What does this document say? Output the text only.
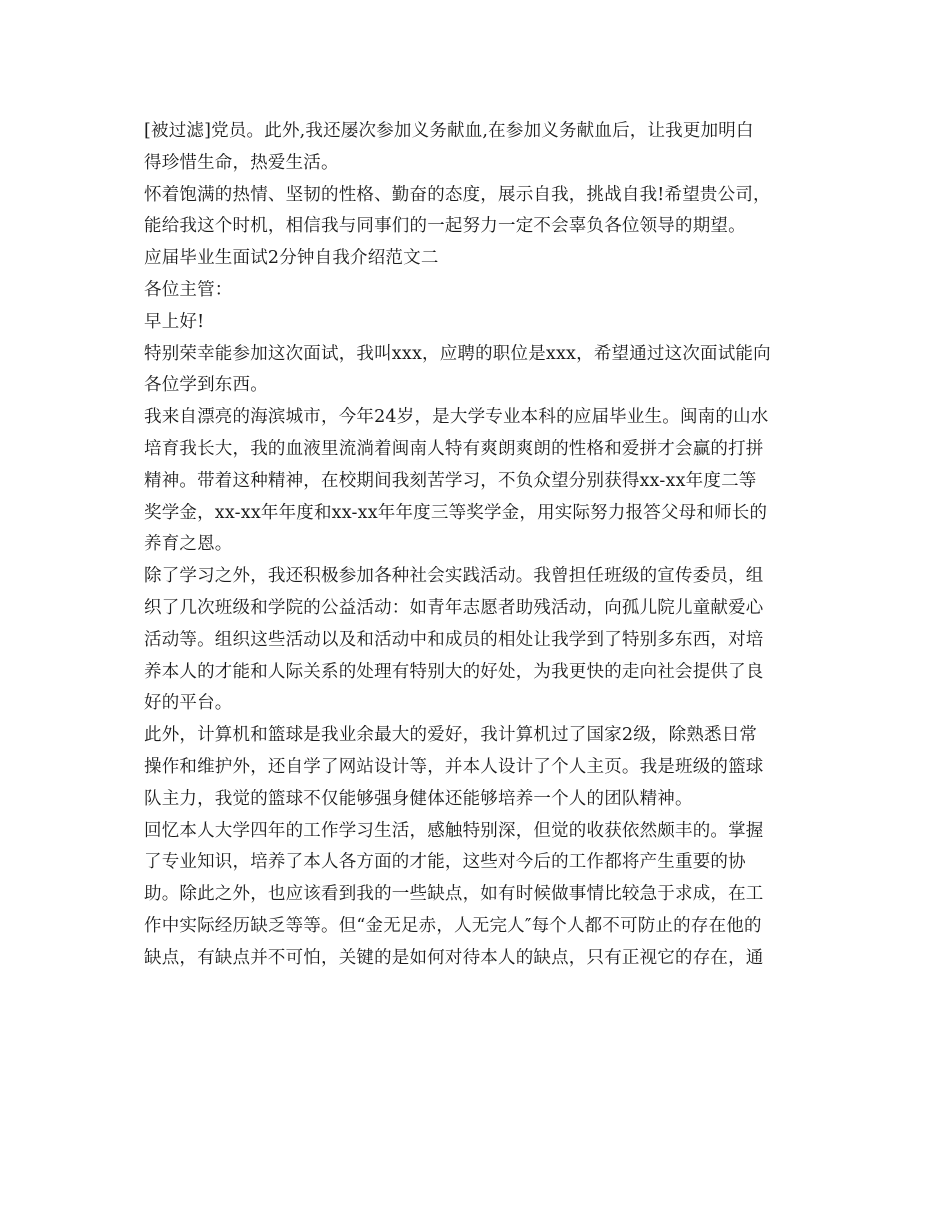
[被过滤]党员。此外,我还屡次参加义务献血,在参加义务献血后，让我更加明白
得珍惜生命，热爱生活。
怀着饱满的热情、坚韧的性格、勤奋的态度，展示自我，挑战自我!希望贵公司，
能给我这个时机，相信我与同事们的一起努力一定不会辜负各位领导的期望。
应届毕业生面试2分钟自我介绍范文二
各位主管：
早上好!
特别荣幸能参加这次面试，我叫xxx，应聘的职位是xxx，希望通过这次面试能向
各位学到东西。
我来自漂亮的海滨城市，今年24岁，是大学专业本科的应届毕业生。闽南的山水
培育我长大，我的血液里流淌着闽南人特有爽朗爽朗的性格和爱拼才会赢的打拼
精神。带着这种精神，在校期间我刻苦学习，不负众望分别获得xx-xx年度二等
奖学金，xx-xx年年度和xx-xx年年度三等奖学金，用实际努力报答父母和师长的
养育之恩。
除了学习之外，我还积极参加各种社会实践活动。我曾担任班级的宣传委员，组
织了几次班级和学院的公益活动：如青年志愿者助残活动，向孤儿院儿童献爱心
活动等。组织这些活动以及和活动中和成员的相处让我学到了特别多东西，对培
养本人的才能和人际关系的处理有特别大的好处，为我更快的走向社会提供了良
好的平台。
此外，计算机和篮球是我业余最大的爱好，我计算机过了国家2级，除熟悉日常
操作和维护外，还自学了网站设计等，并本人设计了个人主页。我是班级的篮球
队主力，我觉的篮球不仅能够强身健体还能够培养一个人的团队精神。
回忆本人大学四年的工作学习生活，感触特别深，但觉的收获依然颇丰的。掌握
了专业知识，培养了本人各方面的才能，这些对今后的工作都将产生重要的协
助。除此之外，也应该看到我的一些缺点，如有时候做事情比较急于求成，在工
作中实际经历缺乏等等。但“金无足赤，人无完人″每个人都不可防止的存在他的
缺点，有缺点并不可怕，关键的是如何对待本人的缺点，只有正视它的存在，通
